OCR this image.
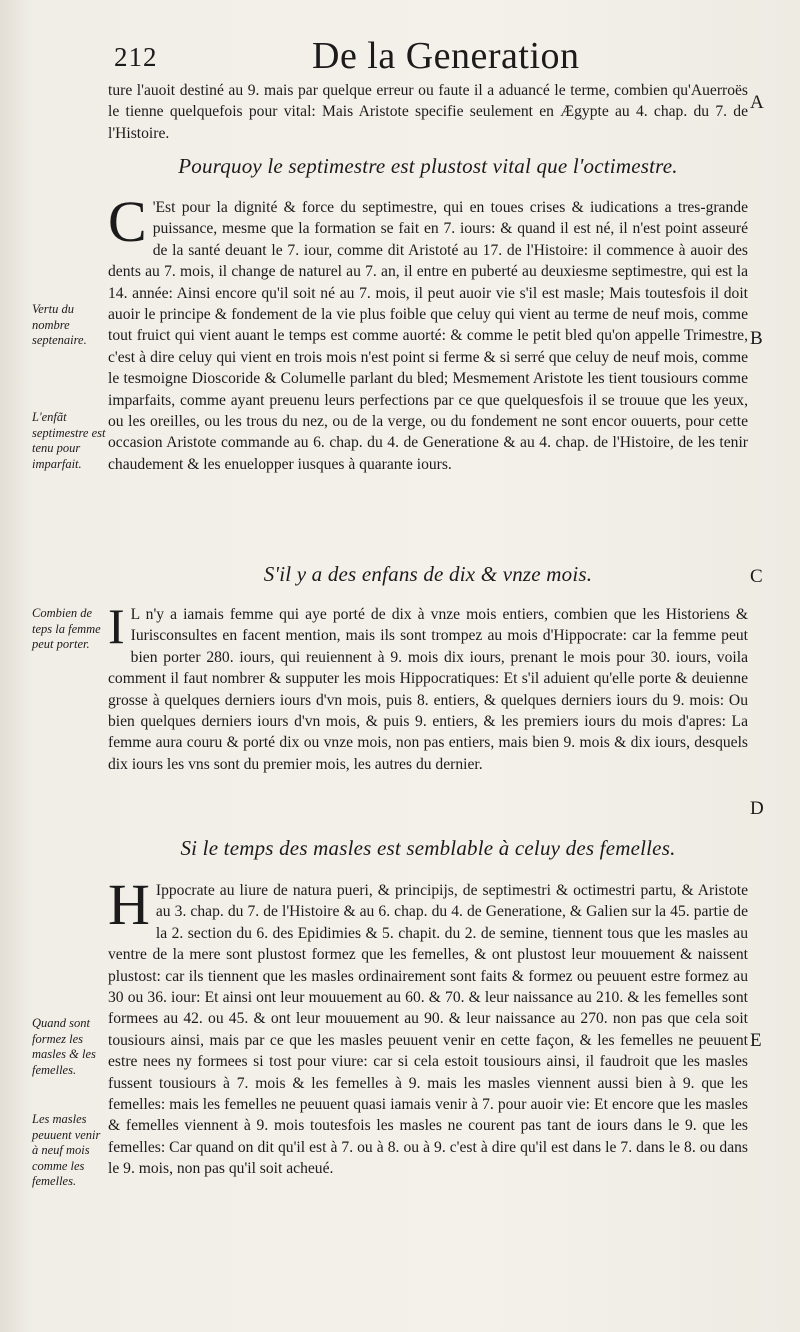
212	De la Generation

ture l'auoit destiné au 9. mais par quelque erreur ou faute il a aduancé le terme, combien qu'Auerroës le tienne quelquefois pour vital: Mais Aristote specifie seulement en Ægypte au 4. chap. du 7. de l'Histoire.

Pourquoy le septimestre est plustost vital que l'octimestre.

C 'Est pour la dignité & force du septimestre, qui en toues crises & iudications a tres-grande puissance, mesme que la formation se fait en 7. iours: & quand il est né, il n'est point asseuré de la santé deuant le 7. iour, comme dit Aristoté au 17. de l'Histoire: il commence à auoir des dents au 7. mois, il change de naturel au 7. an, il entre en puberté au deuxiesme septimestre, qui est la 14. année: Ainsi encore qu'il soit né au 7. mois, il peut auoir vie s'il est masle; Mais toutesfois il doit auoir le principe & fondement de la vie plus foible que celuy qui vient au terme de neuf mois, comme tout fruict qui vient auant le temps est comme auorté: & comme le petit bled qu'on appelle Trimestre, c'est à dire celuy qui vient en trois mois n'est point si ferme & si serré que celuy de neuf mois, comme le tesmoigne Dioscoride & Columelle parlant du bled; Mesmement Aristote les tient tousiours comme imparfaits, comme ayant preuenu leurs perfections par ce que quelquesfois il se trouue que les yeux, ou les oreilles, ou les trous du nez, ou de la verge, ou du fondement ne sont encor ouuerts, pour cette occasion Aristote commande au 6. chap. du 4. de Generatione & au 4. chap. de l'Histoire, de les tenir chaudement & les enuelopper iusques à quarante iours.

S'il y a des enfans de dix & vnze mois.

I L n'y a iamais femme qui aye porté de dix à vnze mois entiers, combien que les Historiens & Iurisconsultes en facent mention, mais ils sont trompez au mois d'Hippocrate: car la femme peut bien porter 280. iours, qui reuiennent à 9. mois dix iours, prenant le mois pour 30. iours, voila comment il faut nombrer & supputer les mois Hippocratiques: Et s'il aduient qu'elle porte & deuienne grosse à quelques derniers iours d'vn mois, puis 8. entiers, & quelques derniers iours du 9. mois: Ou bien quelques derniers iours d'vn mois, & puis 9. entiers, & les premiers iours du mois d'apres: La femme aura couru & porté dix ou vnze mois, non pas entiers, mais bien 9. mois & dix iours, desquels dix iours les vns sont du premier mois, les autres du dernier.

Si le temps des masles est semblable à celuy des femelles.

H Ippocrate au liure de natura pueri, & principijs, de septimestri & octimestri partu, & Aristote au 3. chap. du 7. de l'Histoire & au 6. chap. du 4. de Generatione, & Galien sur la 45. partie de la 2. section du 6. des Epidimies & 5. chapit. du 2. de semine, tiennent tous que les masles au ventre de la mere sont plustost formez que les femelles, & ont plustost leur mouuement & naissent plustost: car ils tiennent que les masles ordinairement sont faits & formez ou peuuent estre formez au 30 ou 36. iour: Et ainsi ont leur mouuement au 60. & 70. & leur naissance au 210. & les femelles sont formees au 42. ou 45. & ont leur mouuement au 90. & leur naissance au 270. non pas que cela soit tousiours ainsi, mais par ce que les masles peuuent venir en cette façon, & les femelles ne peuuent estre nees ny formees si tost pour viure: car si cela estoit tousiours ainsi, il faudroit que les masles fussent tousiours à 7. mois & les femelles à 9. mais les masles viennent aussi bien à 9. que les femelles: mais les femelles ne peuuent quasi iamais venir à 7. pour auoir vie: Et encore que les masles & femelles viennent à 9. mois toutesfois les masles ne courent pas tant de iours dans le 9. que les femelles: Car quand on dit qu'il est à 7. ou à 8. ou à 9. c'est à dire qu'il est dans le 7. dans le 8. ou dans le 9. mois, non pas qu'il soit acheué.

Vertu du nombre septenaire.
L'enfãt septimestre est tenu pour imparfait.
Combien de teps la femme peut porter.
Quand sont formez les masles & les femelles.
Les masles peuuent venir à neuf mois comme les femelles.
A
B
C
D
E
